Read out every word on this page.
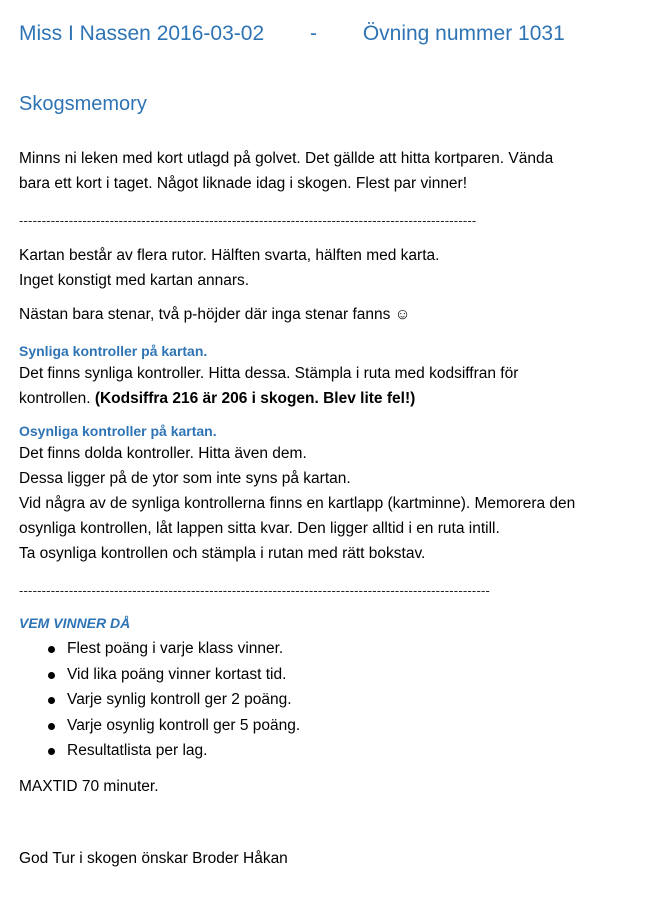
Miss I Nassen 2016-03-02 - Övning nummer 1031
Skogsmemory
Minns ni leken med kort utlagd på golvet. Det gällde att hitta kortparen. Vända
bara ett kort i taget. Något liknade idag i skogen. Flest par vinner!
-----------------------------------------------------------------------------------------------------
Kartan består av flera rutor. Hälften svarta, hälften med karta.
Inget konstigt med kartan annars.
Nästan bara stenar, två p-höjder där inga stenar fanns ☺
Synliga kontroller på kartan.
Det finns synliga kontroller. Hitta dessa. Stämpla i ruta med kodsiffran för
kontrollen. (Kodsiffra 216 är 206 i skogen. Blev lite fel!)
Osynliga kontroller på kartan.
Det finns dolda kontroller. Hitta även dem.
Dessa ligger på de ytor som inte syns på kartan.
Vid några av de synliga kontrollerna finns en kartlapp (kartminne). Memorera den
osynliga kontrollen, låt lappen sitta kvar. Den ligger alltid i en ruta intill.
Ta osynliga kontrollen och stämpla i rutan med rätt bokstav.
--------------------------------------------------------------------------------------------------------
VEM VINNER DÅ
Flest poäng i varje klass vinner.
Vid lika poäng vinner kortast tid.
Varje synlig kontroll ger 2 poäng.
Varje osynlig kontroll ger 5 poäng.
Resultatlista per lag.
MAXTID 70 minuter.
God Tur i skogen önskar Broder Håkan
